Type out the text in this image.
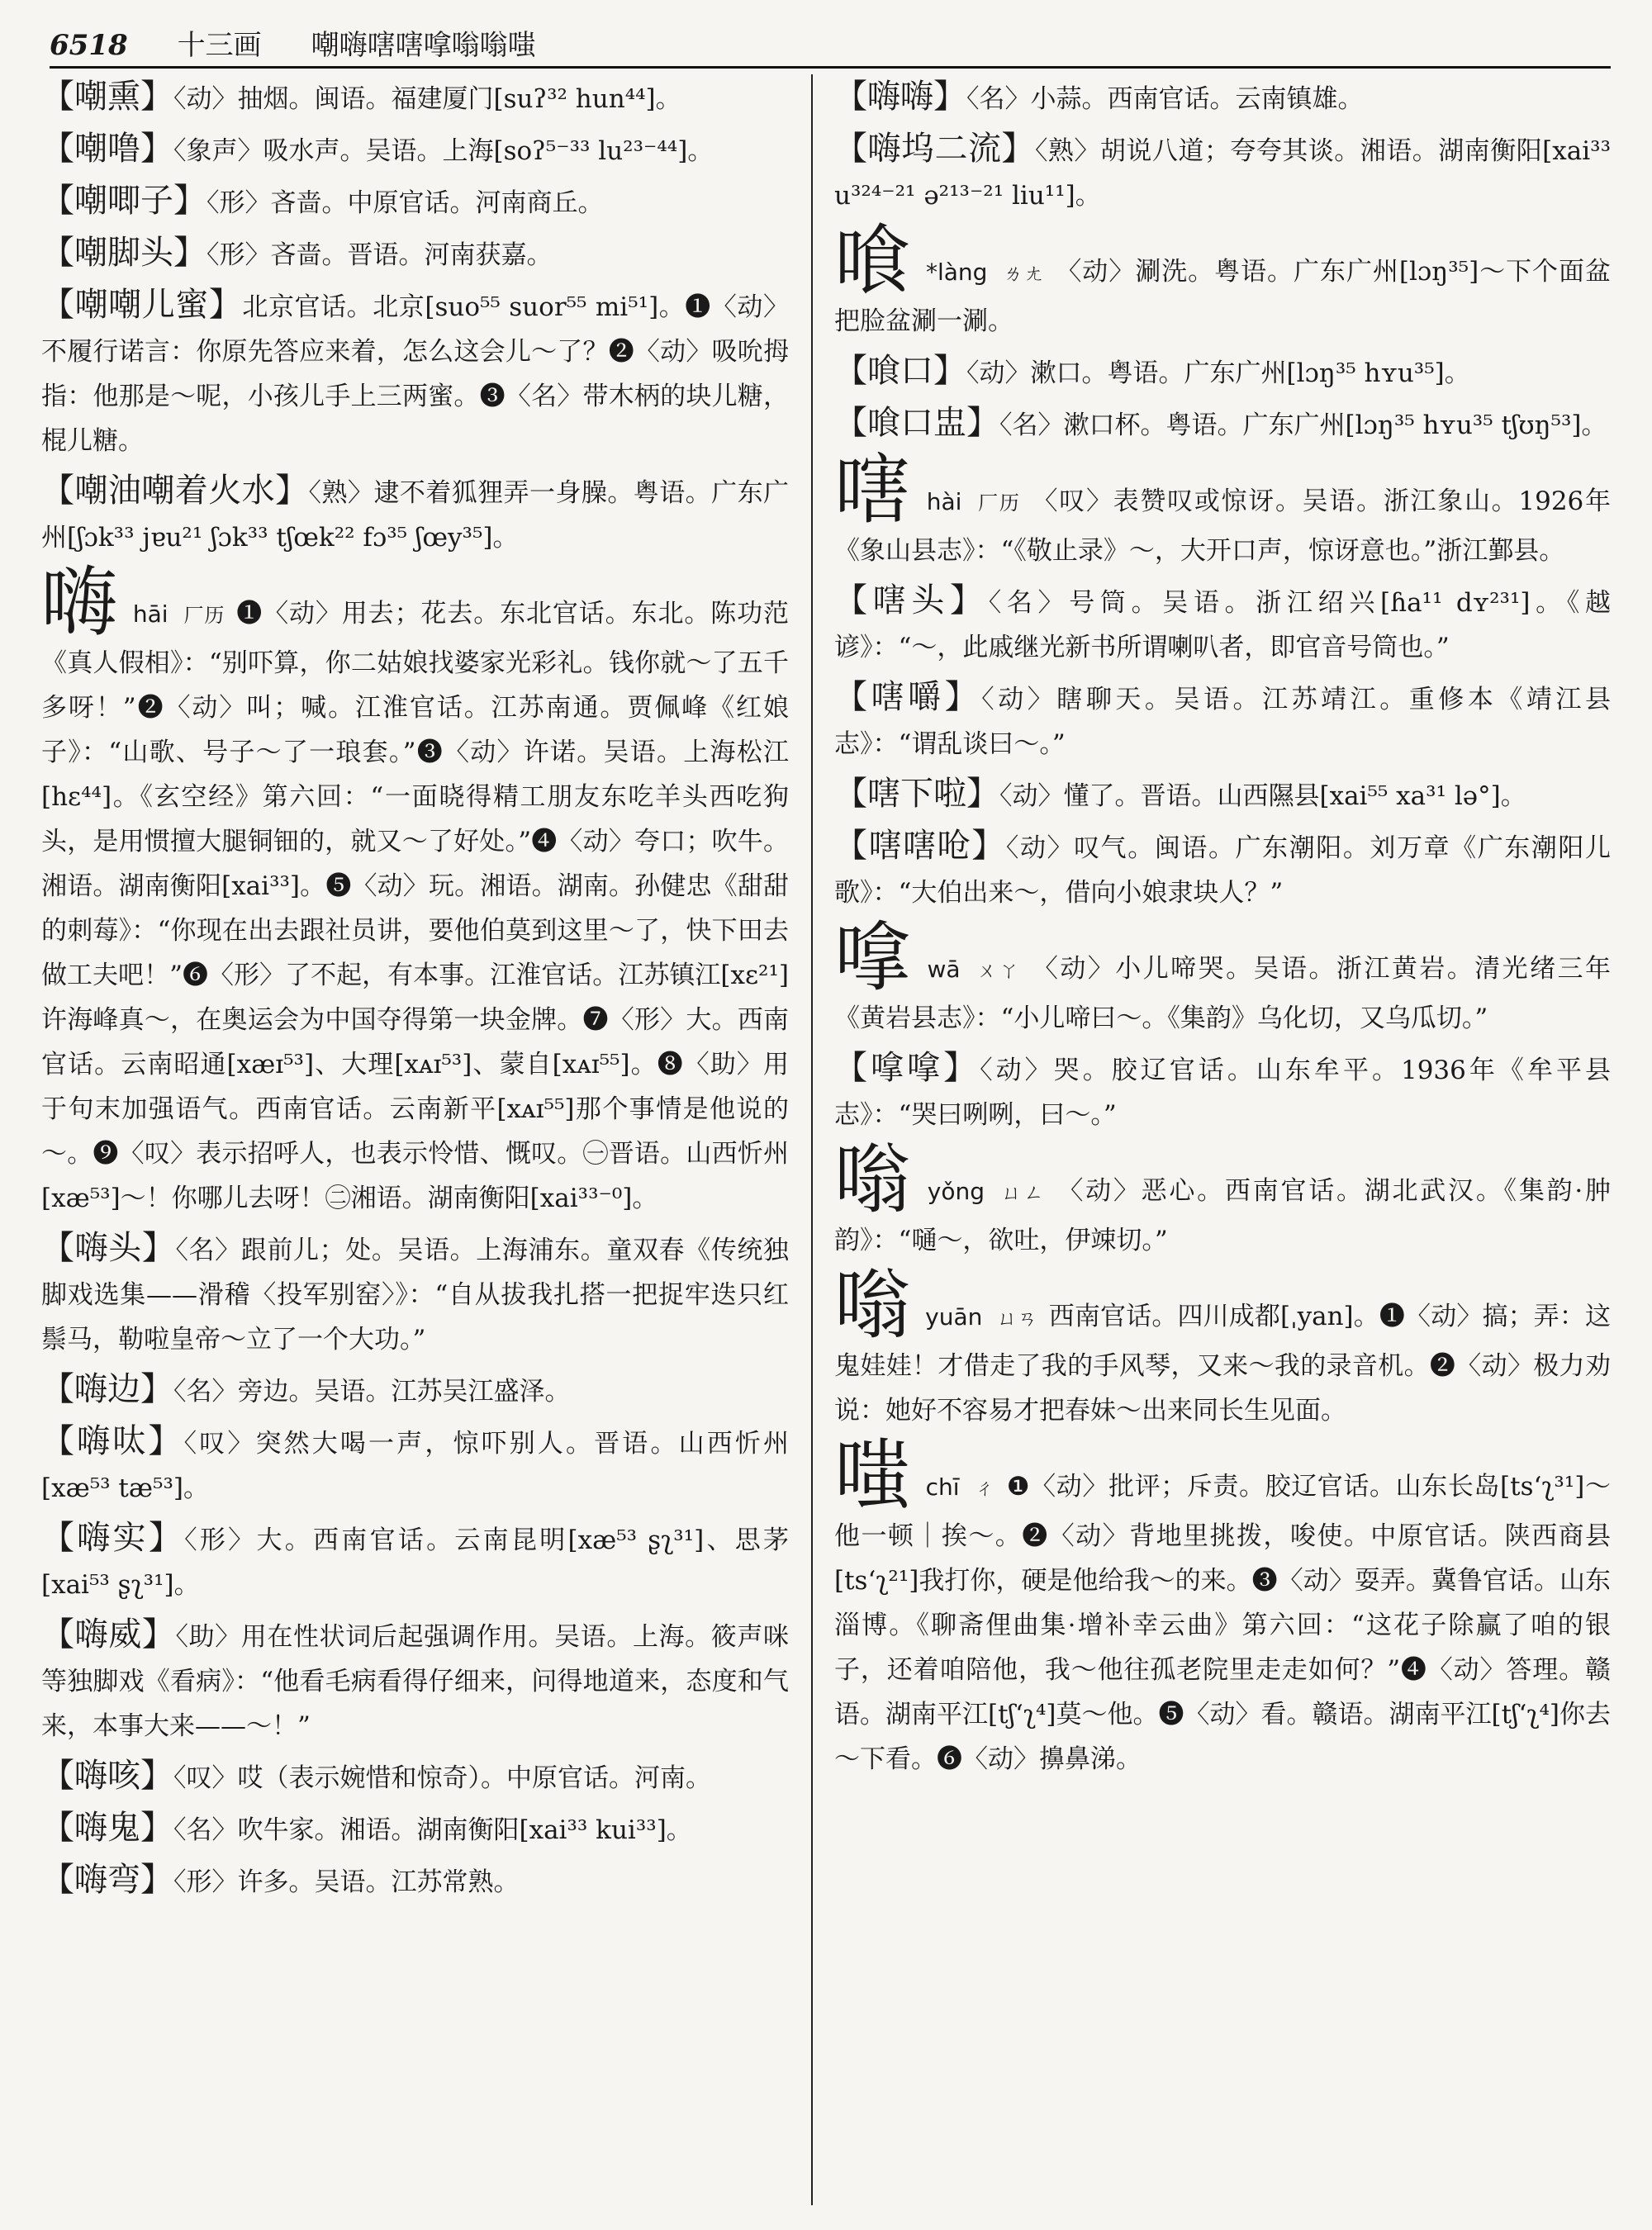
6518 十三画 嘲嗨嗐嗐嗱嗡嗡嗤

【嘲熏】〈动〉抽烟。闽语。福建厦门[suʔ³² hun⁴⁴]。

【嘲噜】〈象声〉吸水声。吴语。上海[soʔ⁵⁻³³ lu²³⁻⁴⁴]。

【嘲唧子】〈形〉吝啬。中原官话。河南商丘。

【嘲脚头】〈形〉吝啬。晋语。河南获嘉。

【嘲嘲儿蜜】北京官话。北京[suo⁵⁵ suor⁵⁵ mi⁵¹]。❶〈动〉不履行诺言：你原先答应来着，怎么这会儿～了？❷〈动〉吸吮拇指：他那是～呢，小孩儿手上三两蜜。❸〈名〉带木柄的块儿糖，棍儿糖。

【嘲油嘲着火水】〈熟〉逮不着狐狸弄一身臊。粤语。广东广州[ʃɔk³³ jɐu²¹ ʃɔk³³ tʃœk²² fɔ³⁵ ʃœy³⁵]。

嗨hāi 厂历 ❶〈动〉用去；花去。东北官话。东北。陈功范《真人假相》：“别吓算，你二姑娘找婆家光彩礼。钱你就～了五千多呀！”❷〈动〉叫；喊。江淮官话。江苏南通。贾佩峰《红娘子》：“山歌、号子～了一琅套。”❸〈动〉许诺。吴语。上海松江[hɛ⁴⁴]。《玄空经》第六回：“一面晓得精工朋友东吃羊头西吃狗头，是用惯擅大腿铜钿的，就又～了好处。”❹〈动〉夸口；吹牛。湘语。湖南衡阳[xai³³]。❺〈动〉玩。湘语。湖南。孙健忠《甜甜的刺莓》：“你现在出去跟社员讲，要他伯莫到这里～了，快下田去做工夫吧！”❻〈形〉了不起，有本事。江淮官话。江苏镇江[xɛ²¹]许海峰真～，在奥运会为中国夺得第一块金牌。❼〈形〉大。西南官话。云南昭通[xæɪ⁵³]、大理[xᴀɪ⁵³]、蒙自[xᴀɪ⁵⁵]。❽〈助〉用于句末加强语气。西南官话。云南新平[xᴀɪ⁵⁵]那个事情是他说的～。❾〈叹〉表示招呼人，也表示怜惜、慨叹。㊀晋语。山西忻州[xæ⁵³]～！你哪儿去呀！㊁湘语。湖南衡阳[xai³³⁻⁰]。

【嗨头】〈名〉跟前儿；处。吴语。上海浦东。童双春《传统独脚戏选集——滑稽〈投军别窑〉》：“自从拔我扎搭一把捉牢迭只红鬃马，勒啦皇帝～立了一个大功。”

【嗨边】〈名〉旁边。吴语。江苏吴江盛泽。

【嗨呔】〈叹〉突然大喝一声，惊吓别人。晋语。山西忻州[xæ⁵³ tæ⁵³]。

【嗨实】〈形〉大。西南官话。云南昆明[xæ⁵³ ʂʅ³¹]、思茅[xai⁵³ ʂʅ³¹]。

【嗨威】〈助〉用在性状词后起强调作用。吴语。上海。筱声咪等独脚戏《看病》：“他看毛病看得仔细来，问得地道来，态度和气来，本事大来——～！”

【嗨咳】〈叹〉哎（表示婉惜和惊奇）。中原官话。河南。

【嗨鬼】〈名〉吹牛家。湘语。湖南衡阳[xai³³ kui³³]。

【嗨弯】〈形〉许多。吴语。江苏常熟。

【嗨嗨】〈名〉小蒜。西南官话。云南镇雄。

【嗨坞二流】〈熟〉胡说八道；夸夸其谈。湘语。湖南衡阳[xai³³ u³²⁴⁻²¹ ə²¹³⁻²¹ liu¹¹]。

喰 *làng ㄌㄤ 〈动〉涮洗。粤语。广东广州[lɔŋ³⁵]～下个面盆 把脸盆涮一涮。

【喰口】〈动〉漱口。粤语。广东广州[lɔŋ³⁵ hʏu³⁵]。

【喰口盅】〈名〉漱口杯。粤语。广东广州[lɔŋ³⁵ hʏu³⁵ tʃʊŋ⁵³]。

嗐hài 厂历 〈叹〉表赞叹或惊讶。吴语。浙江象山。1926年《象山县志》：“《敬止录》～，大开口声，惊讶意也。”浙江鄞县。

【嗐头】〈名〉号筒。吴语。浙江绍兴[ɦa¹¹ dʏ²³¹]。《越谚》：“～，此戚继光新书所谓喇叭者，即官音号筒也。”

【嗐嚼】〈动〉瞎聊天。吴语。江苏靖江。重修本《靖江县志》：“谓乱谈曰～。”

【嗐下啦】〈动〉懂了。晋语。山西隰县[xai⁵⁵ xa³¹ lə°]。

【嗐嗐呛】〈动〉叹气。闽语。广东潮阳。刘万章《广东潮阳儿歌》：“大伯出来～，借向小娘隶块人？”

嗱wā ㄨㄚ 〈动〉小儿啼哭。吴语。浙江黄岩。清光绪三年《黄岩县志》：“小儿啼曰～。《集韵》乌化切，又乌瓜切。”

【嗱嗱】〈动〉哭。胶辽官话。山东牟平。1936年《牟平县志》：“哭曰咧咧，曰～。”

嗡yǒng ㄩㄥ 〈动〉恶心。西南官话。湖北武汉。《集韵·肿韵》：“嗵～，欲吐，伊竦切。”

嗡yuān ㄩㄢ 西南官话。四川成都[ˌyan]。❶〈动〉搞；弄：这鬼娃娃！才借走了我的手风琴，又来～我的录音机。❷〈动〉极力劝说：她好不容易才把春妹～出来同长生见面。

嗤chī ㄔ ❶〈动〉批评；斥责。胶辽官话。山东长岛[tsʻʅ³¹]～他一顿｜挨～。❷〈动〉背地里挑拨，唆使。中原官话。陕西商县[tsʻʅ²¹]我打你，硬是他给我～的来。❸〈动〉耍弄。冀鲁官话。山东淄博。《聊斋俚曲集·增补幸云曲》第六回：“这花子除赢了咱的银子，还着咱陪他，我～他往孤老院里走走如何？”❹〈动〉答理。赣语。湖南平江[tʃʻʅ⁴]莫～他。❺〈动〉看。赣语。湖南平江[tʃʻʅ⁴]你去～下看。❻〈动〉擤鼻涕。
